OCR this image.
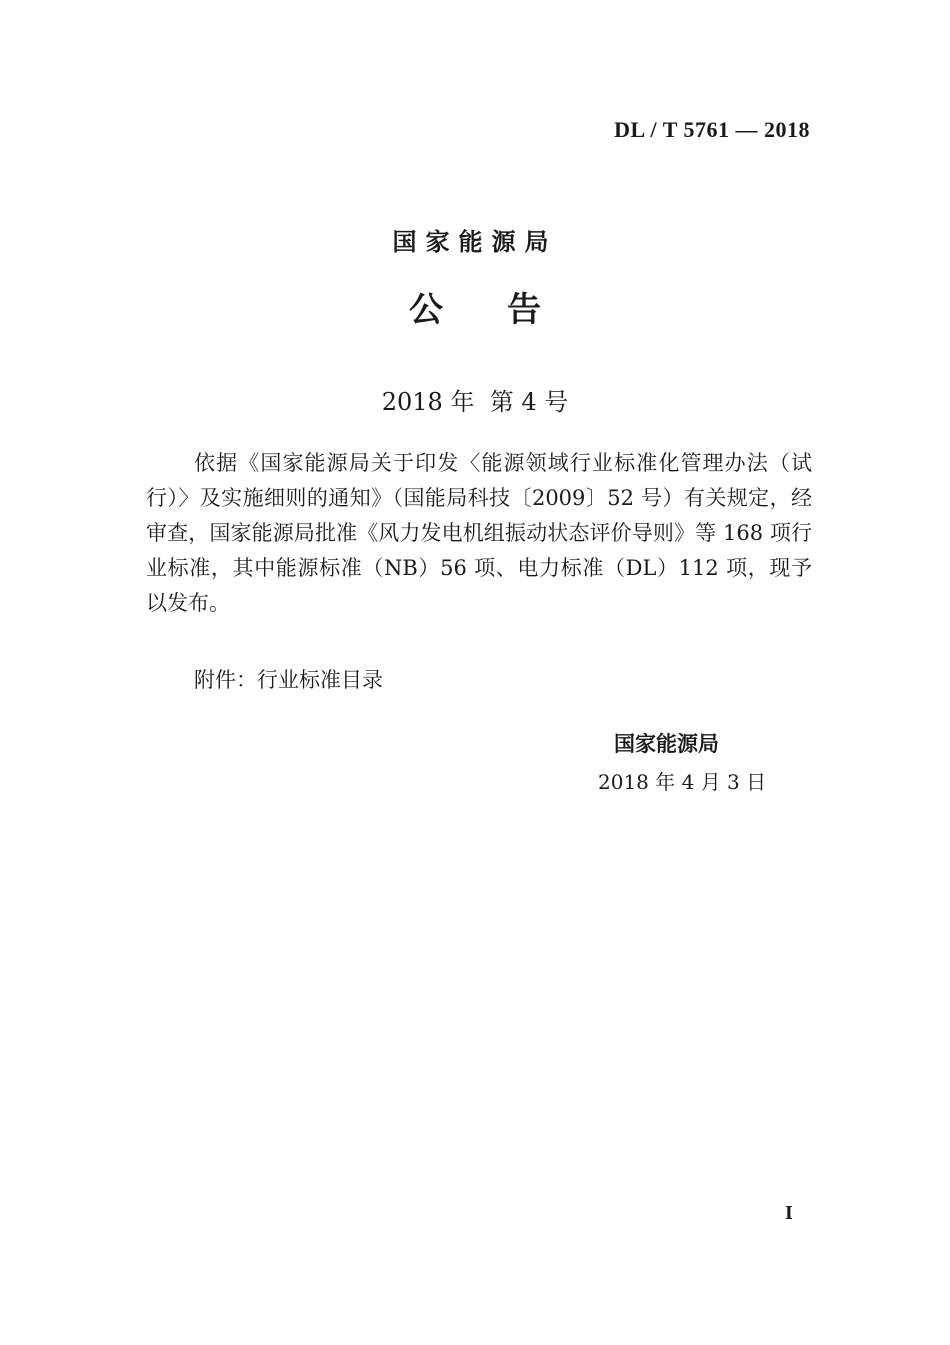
DL / T 5761 — 2018
国家能源局
公告
2018 年  第 4 号

依据《国家能源局关于印发〈能源领域行业标准化管理办法（试行）〉及实施细则的通知》（国能局科技〔2009〕52 号）有关规定，经审查，国家能源局批准《风力发电机组振动状态评价导则》等 168 项行业标准，其中能源标准（NB）56 项、电力标准（DL）112 项，现予以发布。

附件：行业标准目录
国家能源局
2018 年 4 月 3 日
I
